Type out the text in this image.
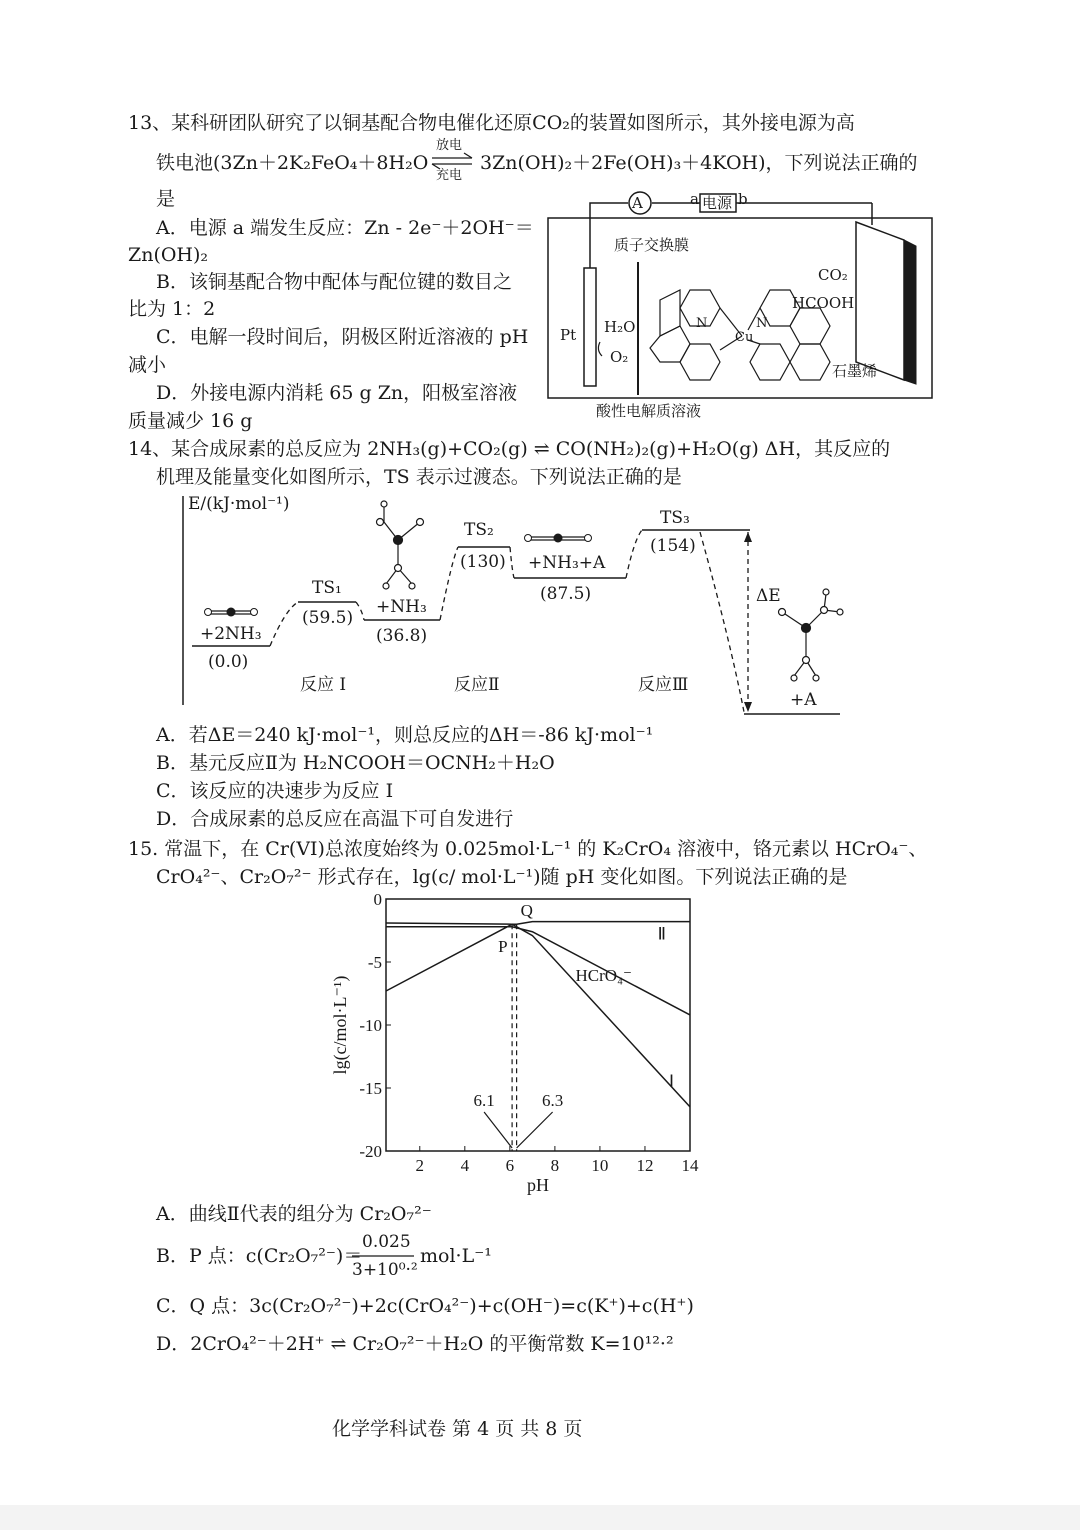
13、某科研团队研究了以铜基配合物电催化还原CO₂的装置如图所示，其外接电源为高
铁电池(3Zn＋2K₂FeO₄＋8H₂O
放电
充电
3Zn(OH)₂＋2Fe(OH)₃＋4KOH)，下列说法正确的
是
A．电源 a 端发生反应：Zn - 2e⁻＋2OH⁻＝
Zn(OH)₂
B．该铜基配合物中配体与配位键的数目之
比为 1：2
C．电解一段时间后，阴极区附近溶液的 pH
减小
D．外接电源内消耗 65 g Zn，阳极室溶液
质量减少 16 g
A	a 电源 b
质子交换膜
Pt H₂O
O₂
Cu
N	N
CO₂
HCOOH
石墨烯
酸性电解质溶液
14、某合成尿素的总反应为 2NH₃(g)+CO₂(g) ⇌ CO(NH₂)₂(g)+H₂O(g) ΔH，其反应的
机理及能量变化如图所示，TS 表示过渡态。下列说法正确的是
E/(kJ·mol⁻¹)
+2NH₃
(0.0)
TS₁
(59.5)
+NH₃
(36.8)
TS₂
(130) +NH₃+A
(87.5)
TS₃
(154)
+A
ΔE
反应 I	反应Ⅱ	反应Ⅲ
A．若ΔE＝240 kJ·mol⁻¹，则总反应的ΔH＝-86 kJ·mol⁻¹
B．基元反应Ⅱ为 H₂NCOOH＝OCNH₂＋H₂O
C．该反应的决速步为反应 I
D．合成尿素的总反应在高温下可自发进行
15. 常温下，在 Cr(VI)总浓度始终为 0.025mol·L⁻¹ 的 K₂CrO₄ 溶液中，铬元素以 HCrO₄⁻、
CrO₄²⁻、Cr₂O₇²⁻ 形式存在，lg(c/ mol·L⁻¹)随 pH 变化如图。下列说法正确的是
2 4 6 8 10 12 14
0
-5
-10
-15
-20
pH
lg(c/mol·L⁻¹)
Ⅱ
HCrO₄⁻
Ⅰ
Q
P
6.1	6.3
A．曲线Ⅱ代表的组分为 Cr₂O₇²⁻
B．P 点：c(Cr₂O₇²⁻)＝
0.025
3+10⁰·²
mol·L⁻¹
C．Q 点：3c(Cr₂O₇²⁻)+2c(CrO₄²⁻)+c(OH⁻)=c(K⁺)+c(H⁺)
D．2CrO₄²⁻＋2H⁺ ⇌ Cr₂O₇²⁻＋H₂O 的平衡常数 K=10¹²·²
化学学科试卷 第 4 页 共 8 页
